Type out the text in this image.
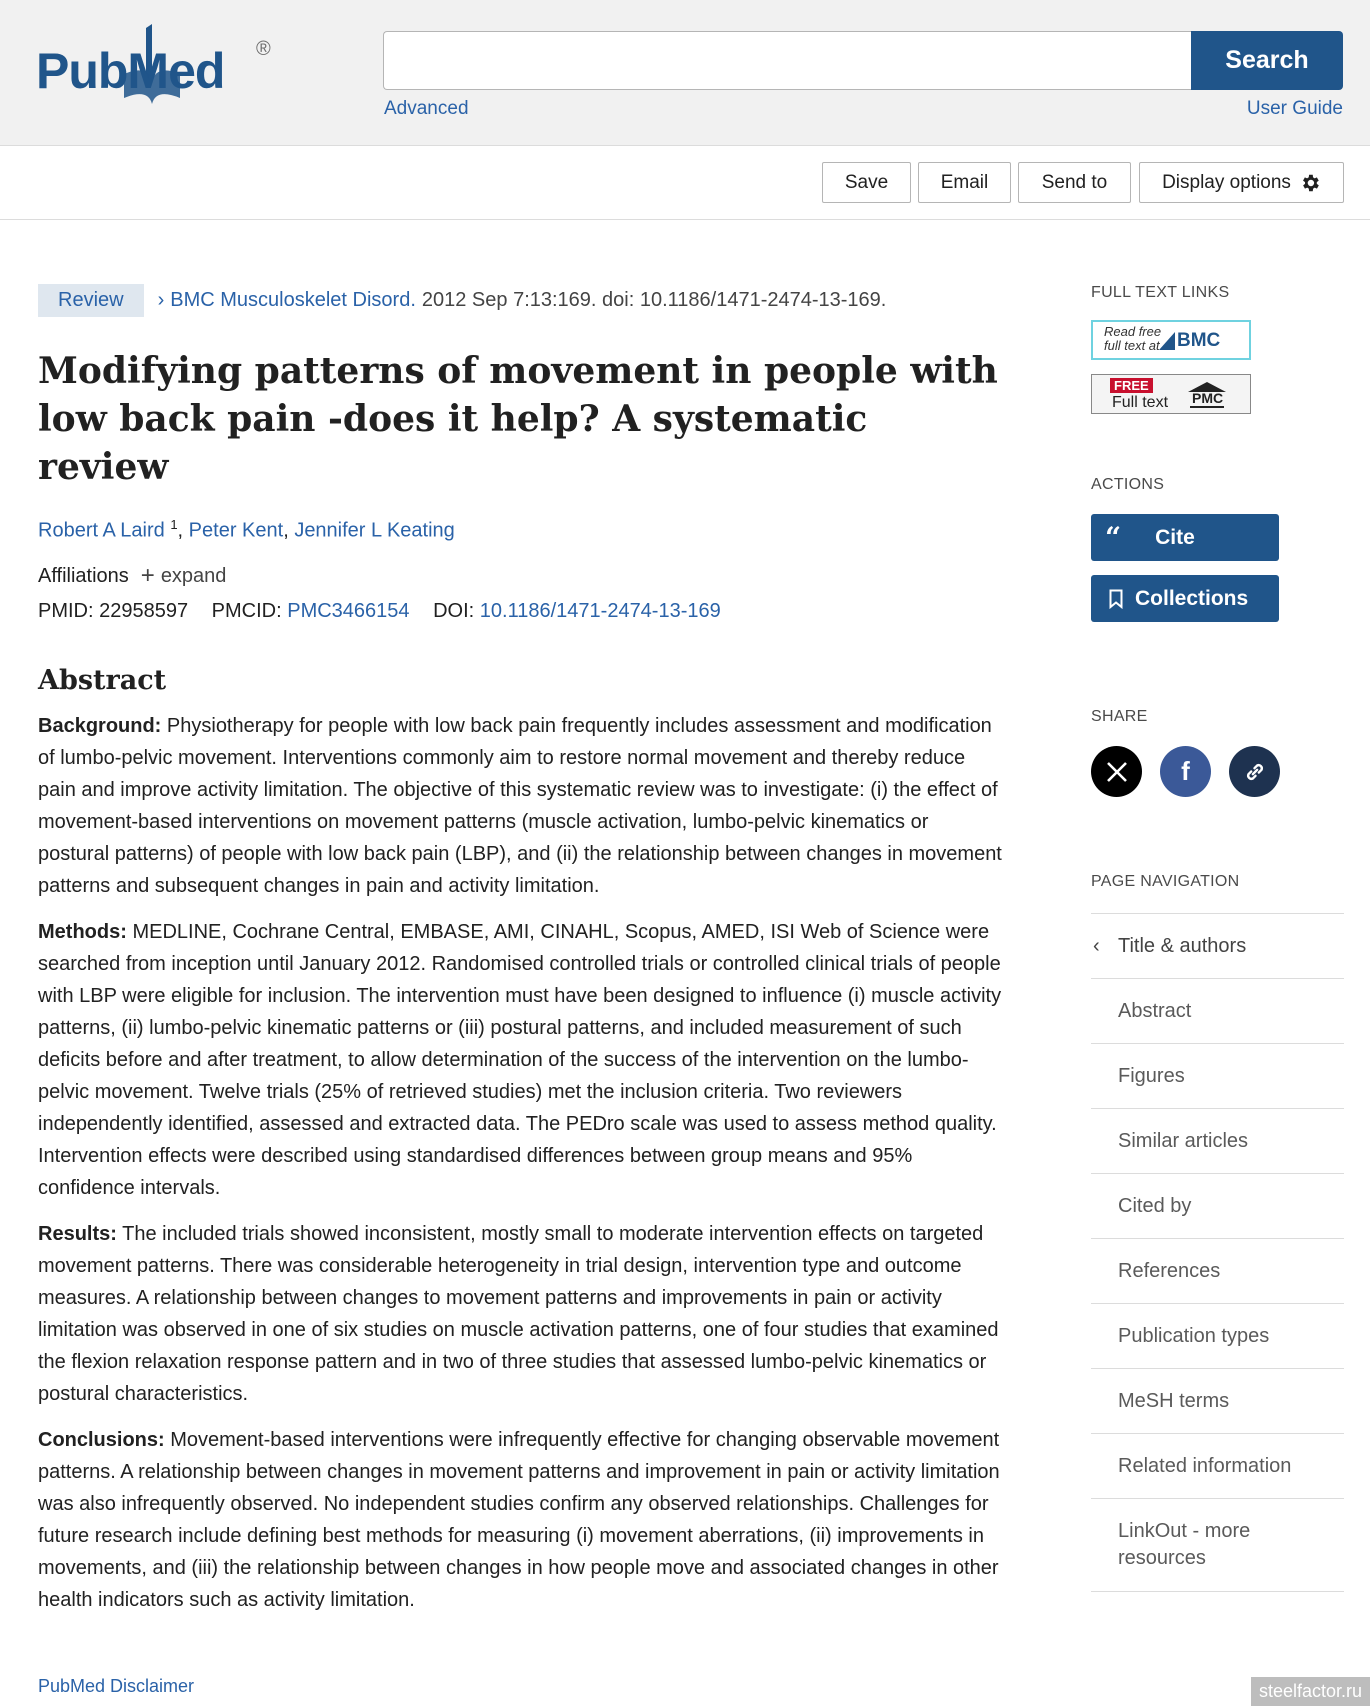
PubMed ®	Search
Advanced	User Guide
Save	Email	Send to	Display options
Review	› BMC Musculoskelet Disord. 2012 Sep 7:13:169. doi: 10.1186/1471-2474-13-169.
Modifying patterns of movement in people with low back pain -does it help? A systematic review
Robert A Laird $^1$, Peter Kent, Jennifer L Keating
Affiliations + expand
PMID: 22958597 PMCID: PMC3466154 DOI: 10.1186/1471-2474-13-169
Abstract

Background: Physiotherapy for people with low back pain frequently includes assessment and modification of lumbo-pelvic movement. Interventions commonly aim to restore normal movement and thereby reduce pain and improve activity limitation. The objective of this systematic review was to investigate: (i) the effect of movement-based interventions on movement patterns (muscle activation, lumbo-pelvic kinematics or postural patterns) of people with low back pain (LBP), and (ii) the relationship between changes in movement patterns and subsequent changes in pain and activity limitation.

Methods: MEDLINE, Cochrane Central, EMBASE, AMI, CINAHL, Scopus, AMED, ISI Web of Science were searched from inception until January 2012. Randomised controlled trials or controlled clinical trials of people with LBP were eligible for inclusion. The intervention must have been designed to influence (i) muscle activity patterns, (ii) lumbo-pelvic kinematic patterns or (iii) postural patterns, and included measurement of such deficits before and after treatment, to allow determination of the success of the intervention on the lumbo-pelvic movement. Twelve trials (25% of retrieved studies) met the inclusion criteria. Two reviewers independently identified, assessed and extracted data. The PEDro scale was used to assess method quality. Intervention effects were described using standardised differences between group means and 95% confidence intervals.

Results: The included trials showed inconsistent, mostly small to moderate intervention effects on targeted movement patterns. There was considerable heterogeneity in trial design, intervention type and outcome measures. A relationship between changes to movement patterns and improvements in pain or activity limitation was observed in one of six studies on muscle activation patterns, one of four studies that examined the flexion relaxation response pattern and in two of three studies that assessed lumbo-pelvic kinematics or postural characteristics.

Conclusions: Movement-based interventions were infrequently effective for changing observable movement patterns. A relationship between changes in movement patterns and improvement in pain or activity limitation was also infrequently observed. No independent studies confirm any observed relationships. Challenges for future research include defining best methods for measuring (i) movement aberrations, (ii) improvements in movements, and (iii) the relationship between changes in how people move and associated changes in other health indicators such as activity limitation.

PubMed Disclaimer
FULL TEXT LINKS
Read free full text at BMC
FREE
Full text PMC
ACTIONS
“ Cite
Collections
SHARE
f
PAGE NAVIGATION
‹ Title & authors
Abstract
Figures
Similar articles
Cited by
References
Publication types
MeSH terms
Related information
LinkOut - more resources
steelfactor.ru
